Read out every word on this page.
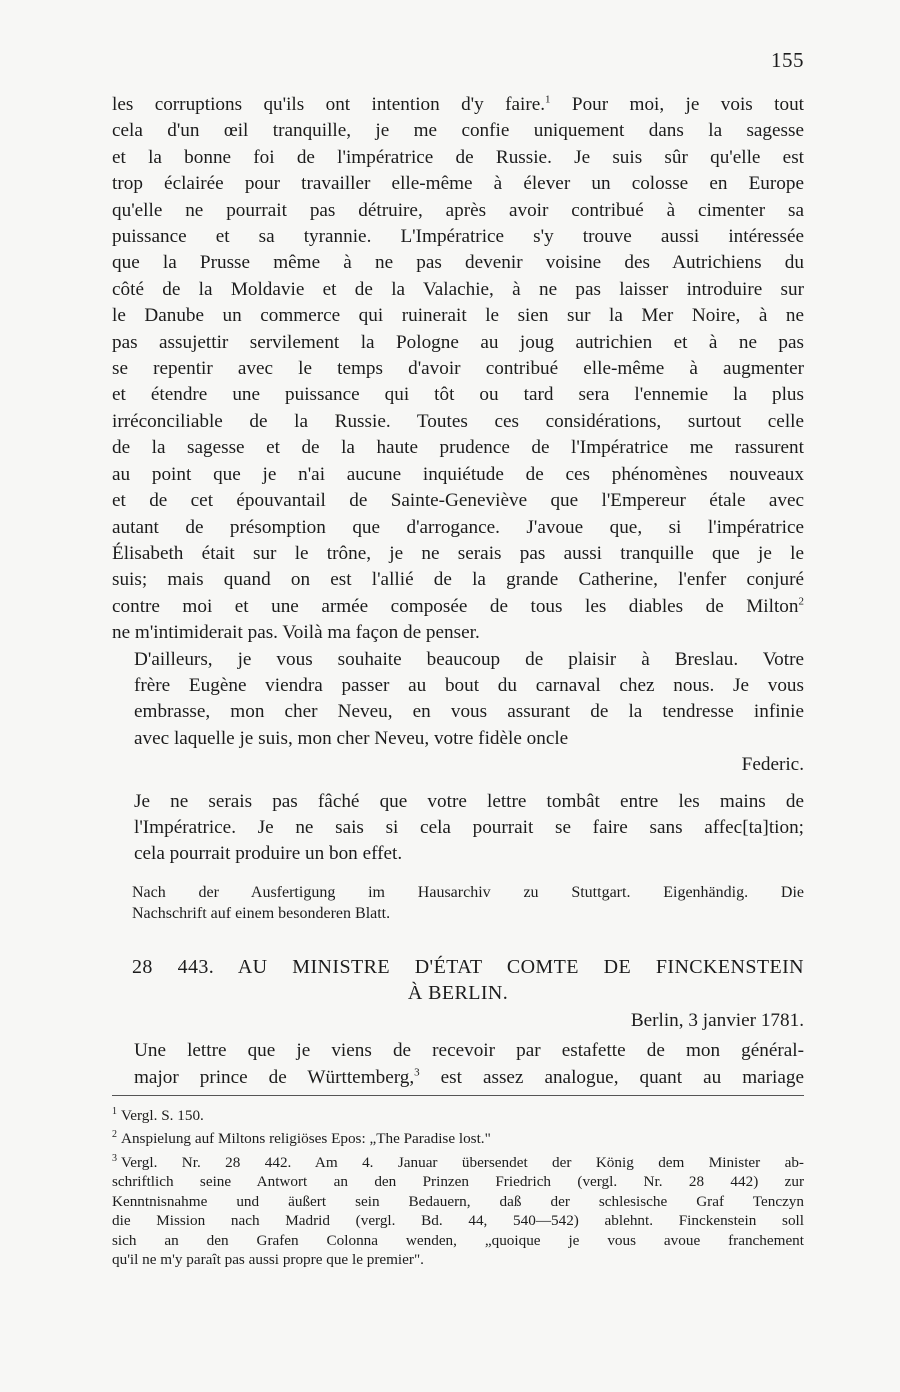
155

les corruptions qu'ils ont intention d'y faire.$^1$ Pour moi, je vois tout
cela d'un œil tranquille, je me confie uniquement dans la sagesse
et la bonne foi de l'impératrice de Russie. Je suis sûr qu'elle est
trop éclairée pour travailler elle-même à élever un colosse en Europe
qu'elle ne pourrait pas détruire, après avoir contribué à cimenter sa
puissance et sa tyrannie. L'Impératrice s'y trouve aussi intéressée
que la Prusse même à ne pas devenir voisine des Autrichiens du
côté de la Moldavie et de la Valachie, à ne pas laisser introduire sur
le Danube un commerce qui ruinerait le sien sur la Mer Noire, à ne
pas assujettir servilement la Pologne au joug autrichien et à ne pas
se repentir avec le temps d'avoir contribué elle-même à augmenter
et étendre une puissance qui tôt ou tard sera l'ennemie la plus
irréconciliable de la Russie. Toutes ces considérations, surtout celle
de la sagesse et de la haute prudence de l'Impératrice me rassurent
au point que je n'ai aucune inquiétude de ces phénomènes nouveaux
et de cet épouvantail de Sainte-Geneviève que l'Empereur étale avec
autant de présomption que d'arrogance. J'avoue que, si l'impératrice
Élisabeth était sur le trône, je ne serais pas aussi tranquille que je le
suis; mais quand on est l'allié de la grande Catherine, l'enfer conjuré
contre moi et une armée composée de tous les diables de Milton$^2$
ne m'intimiderait pas. Voilà ma façon de penser.

D'ailleurs, je vous souhaite beaucoup de plaisir à Breslau. Votre
frère Eugène viendra passer au bout du carnaval chez nous. Je vous
embrasse, mon cher Neveu, en vous assurant de la tendresse infinie
avec laquelle je suis, mon cher Neveu, votre fidèle oncle

Federic.

Je ne serais pas fâché que votre lettre tombât entre les mains de
l'Impératrice. Je ne sais si cela pourrait se faire sans affec[ta]tion;
cela pourrait produire un bon effet.

Nach der Ausfertigung im Hausarchiv zu Stuttgart. Eigenhändig. Die
Nachschrift auf einem besonderen Blatt.
28 443. AU MINISTRE D'ÉTAT COMTE DE FINCKENSTEIN
À BERLIN.
Berlin, 3 janvier 1781.

Une lettre que je viens de recevoir par estafette de mon général-
major prince de Württemberg,$^3$ est assez analogue, quant au mariage

$^1$ Vergl. S. 150.
$^2$ Anspielung auf Miltons religiöses Epos: „The Paradise lost."
$^3$ Vergl. Nr. 28 442. Am 4. Januar übersendet der König dem Minister ab-
schriftlich seine Antwort an den Prinzen Friedrich (vergl. Nr. 28 442) zur
Kenntnisnahme und äußert sein Bedauern, daß der schlesische Graf Tenczyn
die Mission nach Madrid (vergl. Bd. 44, 540—542) ablehnt. Finckenstein soll
sich an den Grafen Colonna wenden, „quoique je vous avoue franchement
qu'il ne m'y paraît pas aussi propre que le premier".
